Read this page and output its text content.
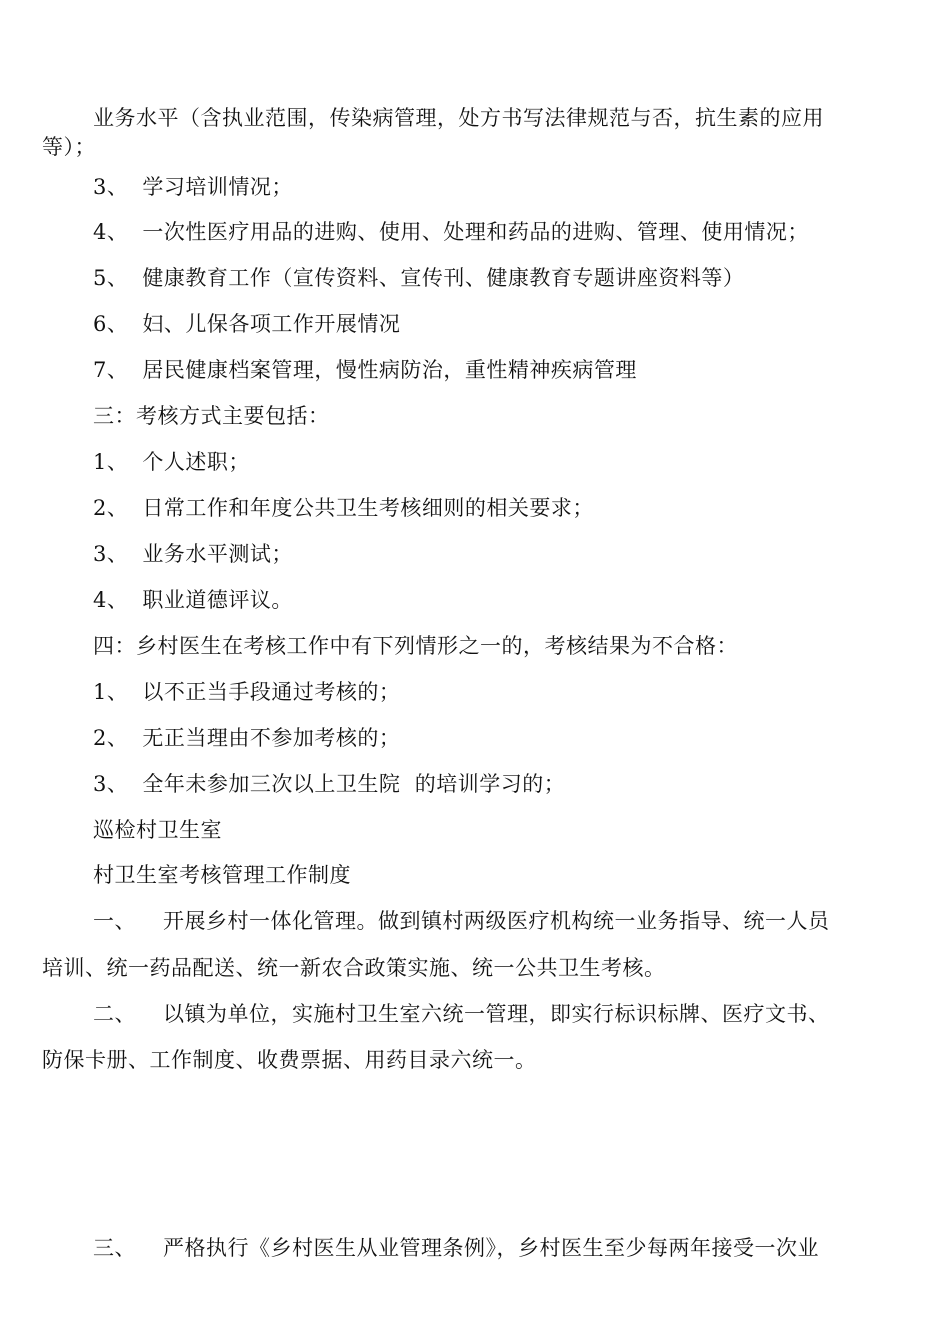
业务水平（含执业范围，传染病管理，处方书写法律规范与否，抗生素的应用
等）；
3、 学习培训情况；
4、 一次性医疗用品的进购、使用、处理和药品的进购、管理、使用情况；
5、 健康教育工作（宣传资料、宣传刊、健康教育专题讲座资料等）
6、 妇、儿保各项工作开展情况
7、 居民健康档案管理，慢性病防治，重性精神疾病管理
三：考核方式主要包括：
1、 个人述职；
2、 日常工作和年度公共卫生考核细则的相关要求；
3、 业务水平测试；
4、 职业道德评议。
四：乡村医生在考核工作中有下列情形之一的，考核结果为不合格：
1、 以不正当手段通过考核的；
2、 无正当理由不参加考核的；
3、 全年未参加三次以上卫生院  的培训学习的；
巡检村卫生室
村卫生室考核管理工作制度
一、 开展乡村一体化管理。做到镇村两级医疗机构统一业务指导、统一人员
培训、统一药品配送、统一新农合政策实施、统一公共卫生考核。
二、 以镇为单位，实施村卫生室六统一管理，即实行标识标牌、医疗文书、
防保卡册、工作制度、收费票据、用药目录六统一。
三、 严格执行《乡村医生从业管理条例》，乡村医生至少每两年接受一次业
